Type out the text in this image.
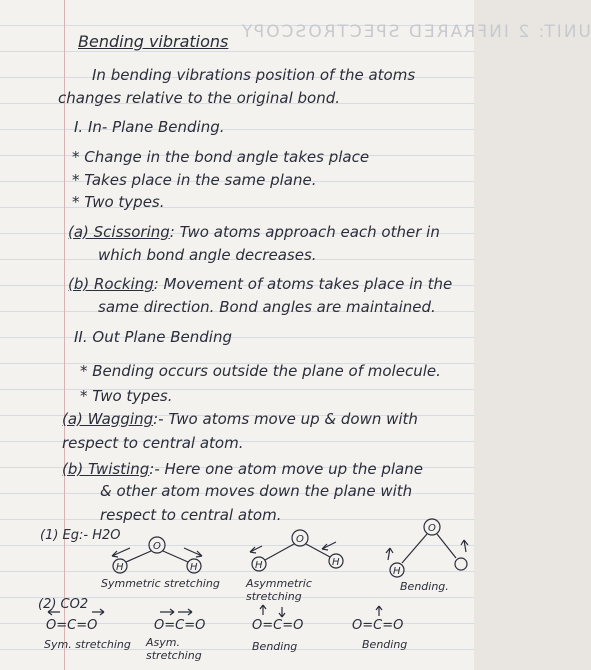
UNIT: 2 INFRARED SPECTROSCOPY
Bending vibrations
In bending vibrations position of the atoms
changes relative to the original bond.
I. In- Plane Bending.
* Change in the bond angle takes place
* Takes place in the same plane.
* Two types.
(a) Scissoring: Two atoms approach each other in
which bond angle decreases.
(b) Rocking: Movement of atoms takes place in the
same direction. Bond angles are maintained.
II. Out Plane Bending
* Bending occurs outside the plane of molecule.
* Two types.
(a) Wagging:- Two atoms move up & down with
respect to central atom.
(b) Twisting:- Here one atom move up the plane
& other atom moves down the plane with
respect to central atom.
(1) Eg:- H2O
O
H	H
O
H	H
O
H
Symmetric stretching Asymmetric stretching
Bending.
(2) CO2
O=C=O	O=C=O	O=C=O	O=C=O
Sym. stretching Asym. stretching
Bending	Bending
